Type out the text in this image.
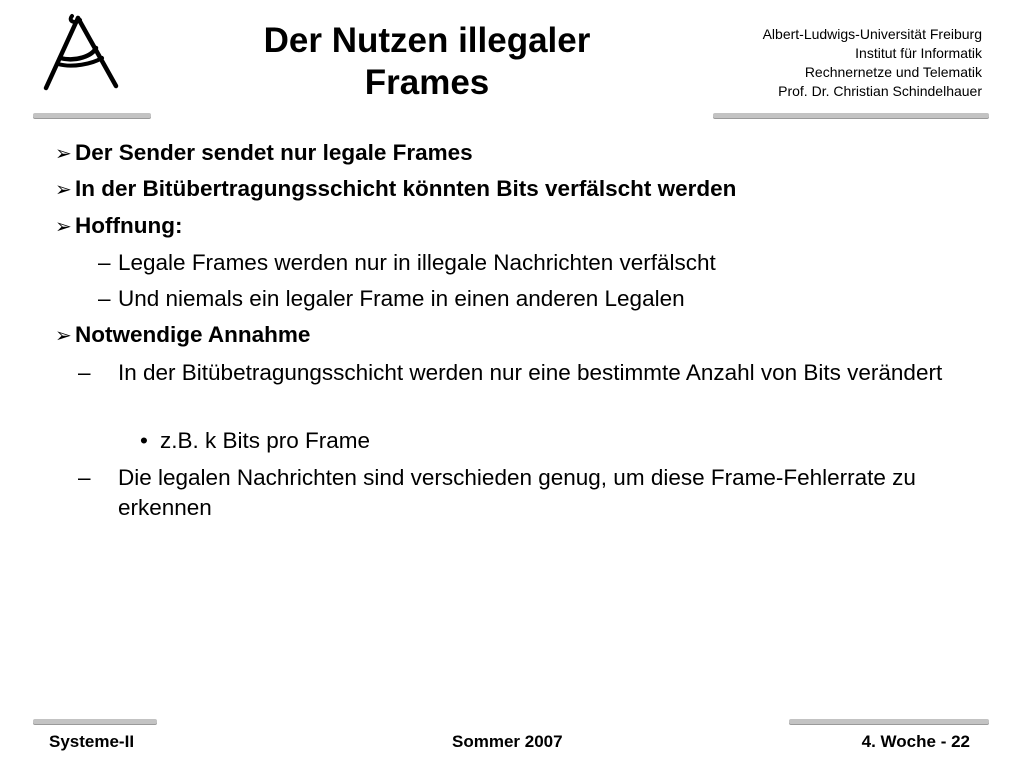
Der Nutzen illegaler
Frames
Albert-Ludwigs-Universität Freiburg
Institut für Informatik
Rechnernetze und Telematik
Prof. Dr. Christian Schindelhauer
➢ Der Sender sendet nur legale Frames
➢ In der Bitübertragungsschicht könnten Bits verfälscht werden
➢ Hoffnung:
– Legale Frames werden nur in illegale Nachrichten verfälscht
– Und niemals ein legaler Frame in einen anderen Legalen
➢ Notwendige Annahme
– In der Bitübetragungsschicht werden nur eine bestimmte Anzahl von Bits verändert
• z.B. k Bits pro Frame
– Die legalen Nachrichten sind verschieden genug, um diese Frame-Fehlerrate zu erkennen
Systeme-II	Sommer 2007	4. Woche - 22
